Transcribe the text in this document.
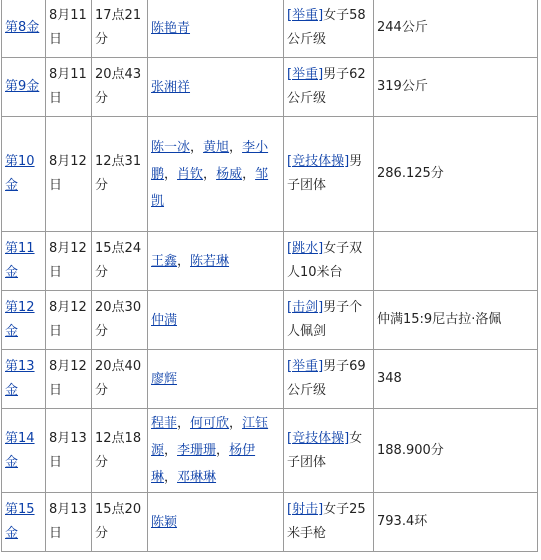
第8金	8月11日	17点21分	陈艳青	[举重]女子58公斤级	244公斤
第9金	8月11日	20点43分	张湘祥	[举重]男子62公斤级	319公斤
第10金	8月12日	12点31分	陈一冰，黄旭，李小鹏，肖钦，杨威，邹凯	[竞技体操]男子团体	286.125分
第11金	8月12日	15点24分	王鑫，陈若琳	[跳水]女子双人10米台	
第12金	8月12日	20点30分	仲满	[击剑]男子个人佩剑	仲满15:9尼古拉·洛佩
第13金	8月12日	20点40分	廖辉	[举重]男子69公斤级	348
第14金	8月13日	12点18分	程菲，何可欣，江钰源，李珊珊，杨伊琳，邓琳琳	[竞技体操]女子团体	188.900分
第15金	8月13日	15点20分	陈颖	[射击]女子25米手枪	793.4环
